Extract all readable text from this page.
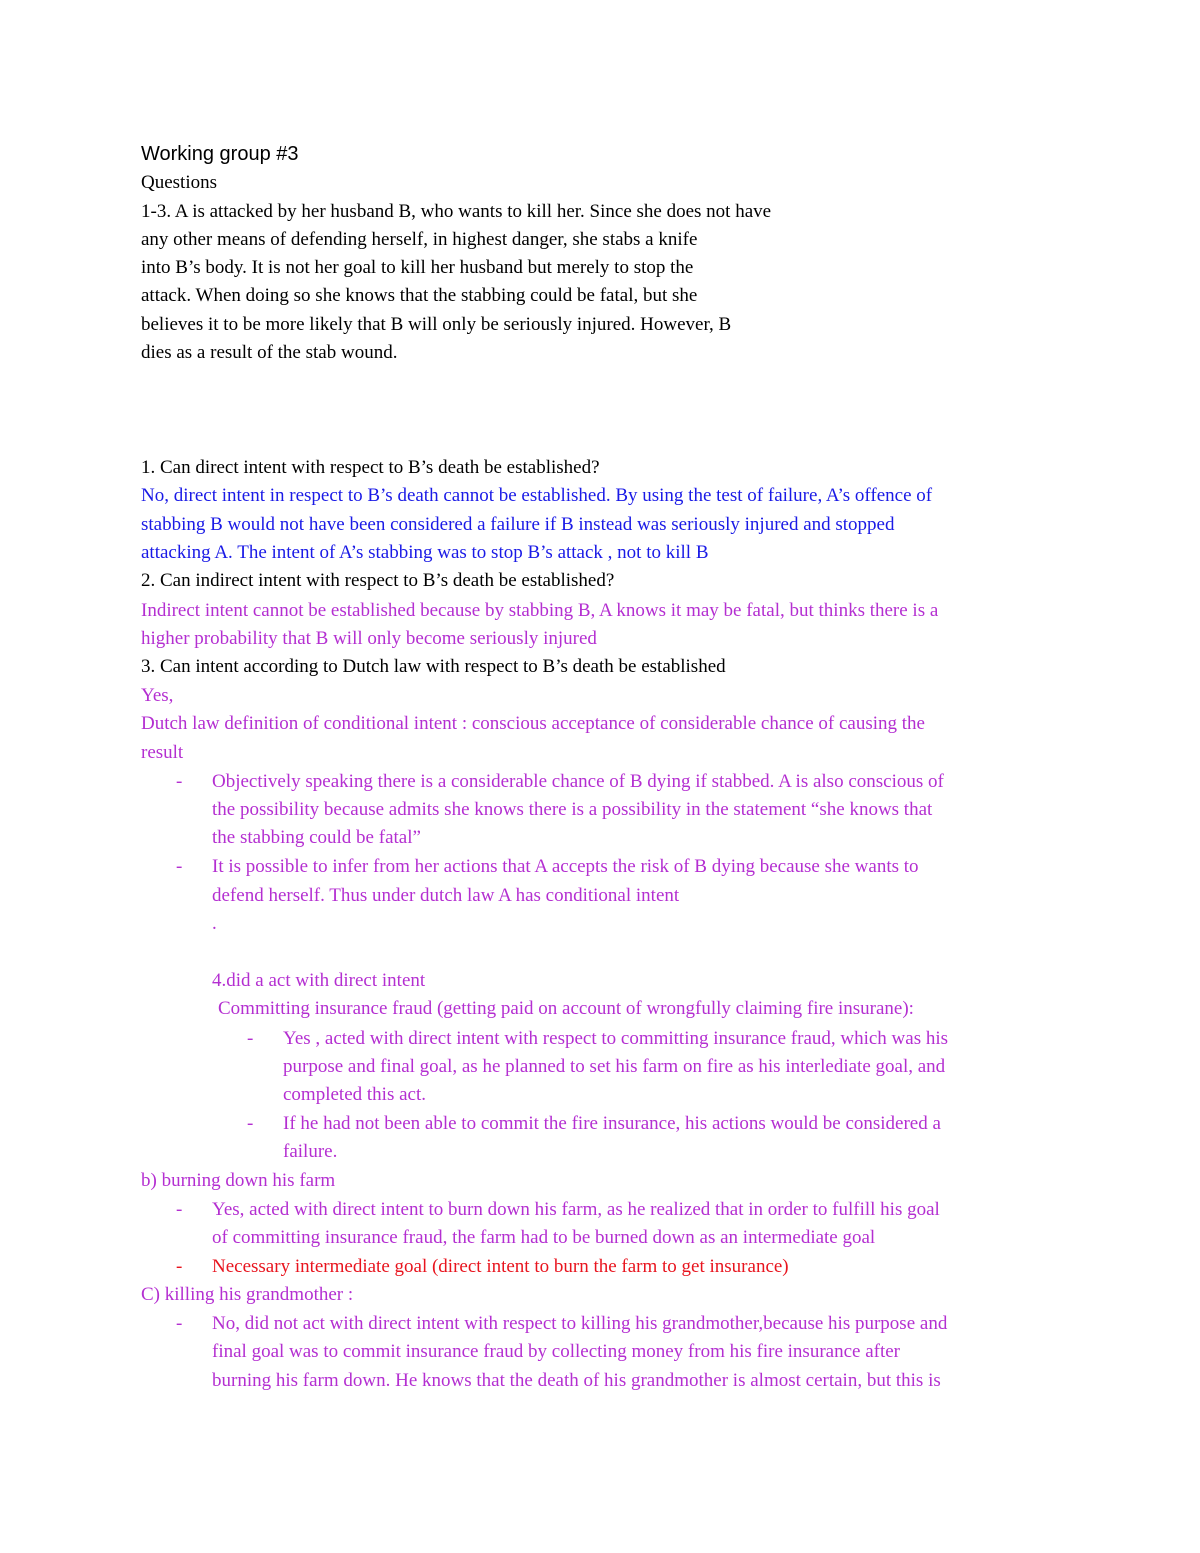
Working group #3
Questions
1-3. A is attacked by her husband B, who wants to kill her. Since she does not have
any other means of defending herself, in highest danger, she stabs a knife
into B’s body. It is not her goal to kill her husband but merely to stop the
attack. When doing so she knows that the stabbing could be fatal, but she
believes it to be more likely that B will only be seriously injured. However, B
dies as a result of the stab wound.
1. Can direct intent with respect to B’s death be established?
No, direct intent in respect to B’s death cannot be established. By using the test of failure, A’s offence of
stabbing B would not have been considered a failure if B instead was seriously injured and stopped
attacking A. The intent of A’s stabbing was to stop B’s attack , not to kill B
2. Can indirect intent with respect to B’s death be established?
Indirect intent cannot be established because by stabbing B, A knows it may be fatal, but thinks there is a
higher probability that B will only become seriously injured
3. Can intent according to Dutch law with respect to B’s death be established
Yes,
Dutch law definition of conditional intent : conscious acceptance of considerable chance of causing the
result
- Objectively speaking there is a considerable chance of B dying if stabbed. A is also conscious of
the possibility because admits she knows there is a possibility in the statement “she knows that
the stabbing could be fatal”
- It is possible to infer from her actions that A accepts the risk of B dying because she wants to
defend herself. Thus under dutch law A has conditional intent
.
4.did a act with direct intent
Committing insurance fraud (getting paid on account of wrongfully claiming fire insurane):
- Yes , acted with direct intent with respect to committing insurance fraud, which was his
purpose and final goal, as he planned to set his farm on fire as his interlediate goal, and
completed this act.
- If he had not been able to commit the fire insurance, his actions would be considered a
failure.
b) burning down his farm
- Yes, acted with direct intent to burn down his farm, as he realized that in order to fulfill his goal
of committing insurance fraud, the farm had to be burned down as an intermediate goal
- Necessary intermediate goal (direct intent to burn the farm to get insurance)
C) killing his grandmother :
- No, did not act with direct intent with respect to killing his grandmother,because his purpose and
final goal was to commit insurance fraud by collecting money from his fire insurance after
burning his farm down. He knows that the death of his grandmother is almost certain, but this is
